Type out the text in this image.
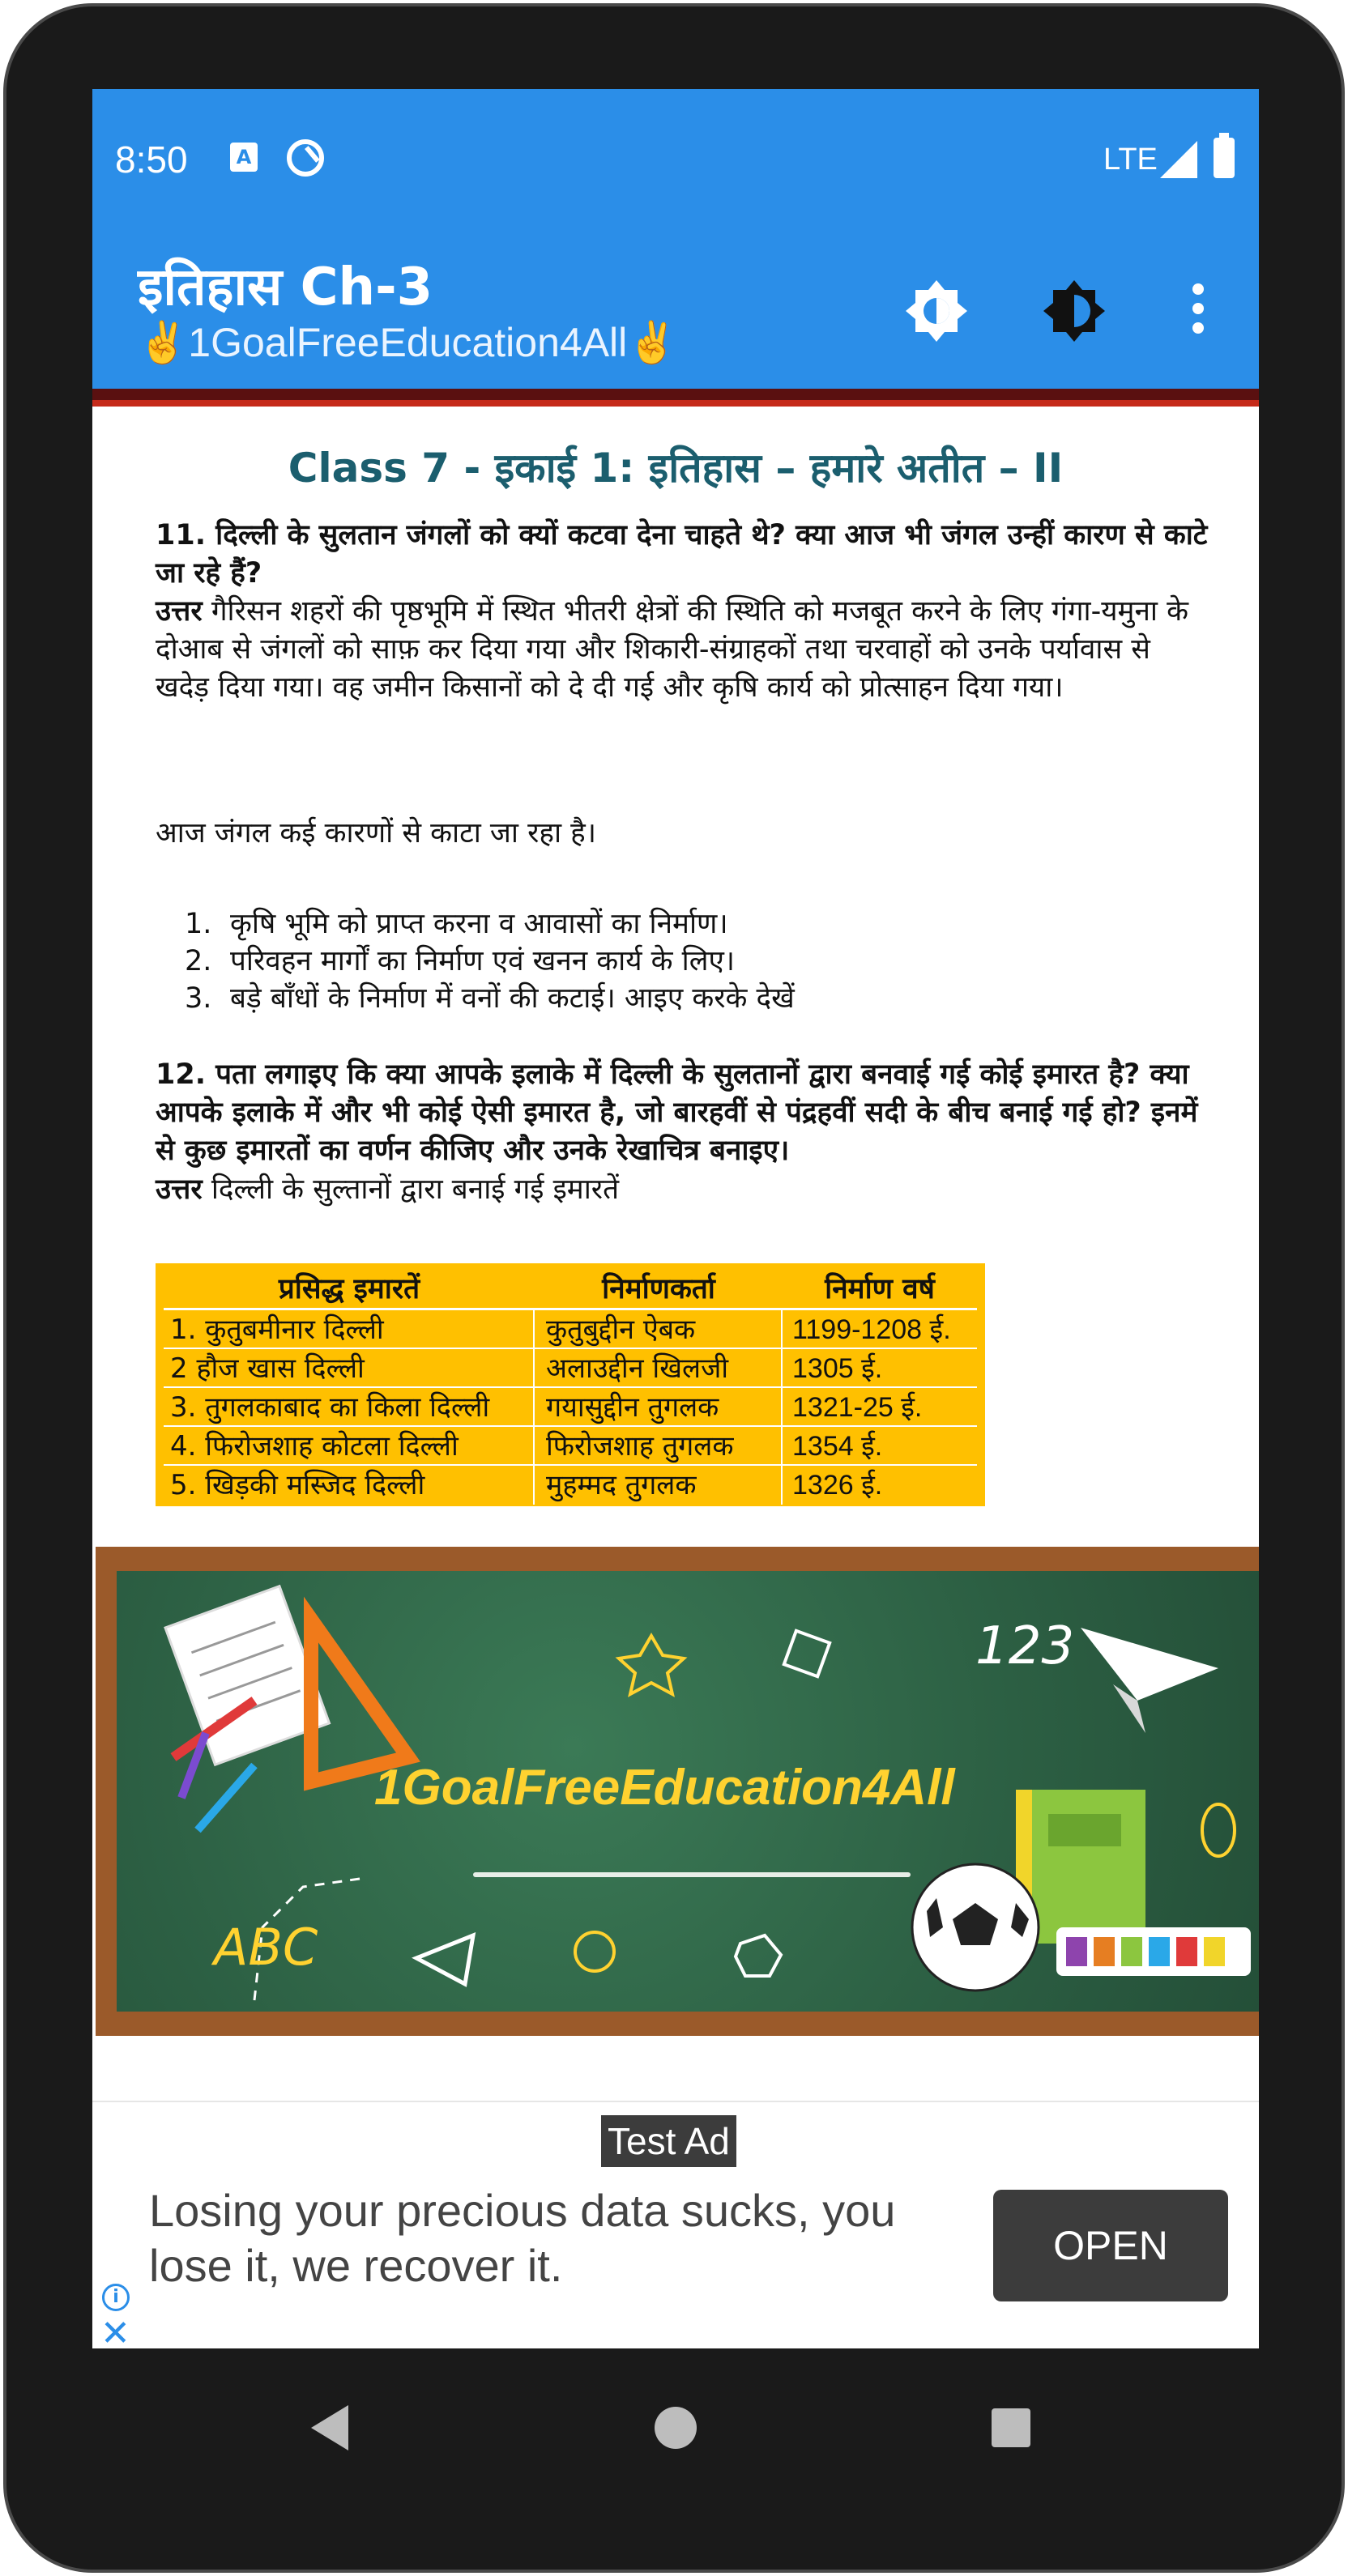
8:50	A	LTE
इतिहास Ch-3
✌1GoalFreeEducation4All✌
Class 7 - इकाई 1: इतिहास – हमारे अतीत – II
11. दिल्ली के सुलतान जंगलों को क्यों कटवा देना चाहते थे? क्या आज भी जंगल उन्हीं कारण से काटे जा रहे हैं?
उत्तर गैरिसन शहरों की पृष्ठभूमि में स्थित भीतरी क्षेत्रों की स्थिति को मजबूत करने के लिए गंगा-यमुना के दोआब से जंगलों को साफ़ कर दिया गया और शिकारी-संग्राहकों तथा चरवाहों को उनके पर्यावास से खदेड़ दिया गया। वह जमीन किसानों को दे दी गई और कृषि कार्य को प्रोत्साहन दिया गया।
आज जंगल कई कारणों से काटा जा रहा है।
1. कृषि भूमि को प्राप्त करना व आवासों का निर्माण।
2. परिवहन मार्गों का निर्माण एवं खनन कार्य के लिए।
3. बड़े बाँधों के निर्माण में वनों की कटाई। आइए करके देखें
12. पता लगाइए कि क्या आपके इलाके में दिल्ली के सुलतानों द्वारा बनवाई गई कोई इमारत है? क्या आपके इलाके में और भी कोई ऐसी इमारत है, जो बारहवीं से पंद्रहवीं सदी के बीच बनाई गई हो? इनमें से कुछ इमारतों का वर्णन कीजिए और उनके रेखाचित्र बनाइए।
उत्तर दिल्ली के सुल्तानों द्वारा बनाई गई इमारतें
प्रसिद्ध इमारतें	निर्माणकर्ता	निर्माण वर्ष
1. कुतुबमीनार दिल्ली	कुतुबुद्दीन ऐबक	1199-1208 ई.
2 हौज खास दिल्ली	अलाउद्दीन खिलजी	1305 ई.
3. तुगलकाबाद का किला दिल्ली	गयासुद्दीन तुगलक	1321-25 ई.
4. फिरोजशाह कोटला दिल्ली	फिरोजशाह तुगलक	1354 ई.
5. खिड़की मस्जिद दिल्ली	मुहम्मद तुगलक	1326 ई.
123
ABC
1GoalFreeEducation4All
Test Ad
Losing your precious data sucks, you lose it, we recover it.	OPEN
i
✕
